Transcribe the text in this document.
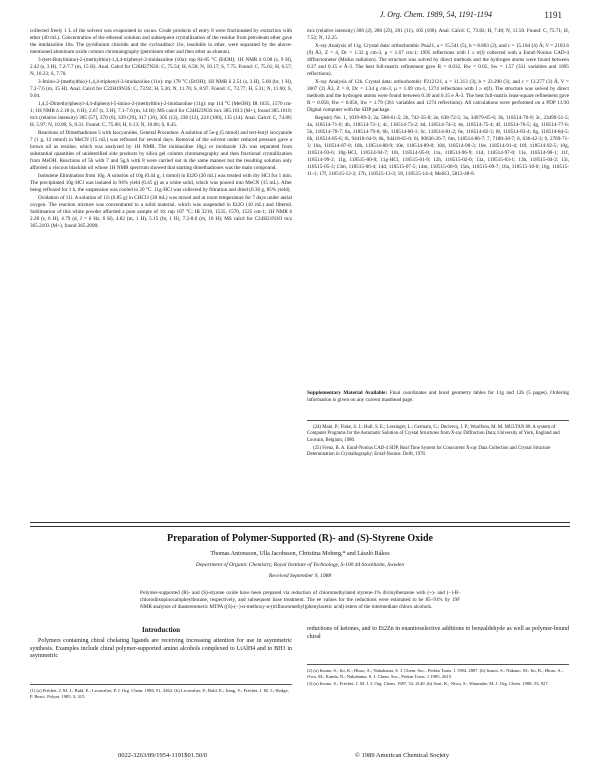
J. Org. Chem. 1989, 54, 1191-1194	1191

collected freely 1 L of the solvent was evaporated in vacuo. Crude products of entry 8 were fractionated by extraction with ether (40 mL). Concentration of the ethereal solution and subsequent crystallization of the residue from petroleum ether gave the imidazoline 10a. The pyridinium chloride and the cycloadduct 11e, insoluble in ether, were separated by the above-mentioned aluminum oxide column chromatography (petroleum ether and then ether as eluents).

3-(tert-Butylimino)-2-(methylthio)-1,4,4-triphenyl-2-imidazoline (10a): mp 84-85 °C (EtOH); 1H NMR δ 0.98 (s, 9 H), 2.42 (s, 3 H), 7.2-7.7 (m, 15 H). Anal. Calcd for C26H27N3S: C, 75.54; H, 6.58; N, 10.17; S, 7.75. Found: C, 75.61; H, 6.57; N, 10.23; S, 7.70.

3-Imino-2-(methylthio)-1,4,4-triphenyl-2-imidazoline (11e): mp 178 °C (EtOH); 1H NMR δ 2.51 (s, 3 H), 5.60 (br, 1 H), 7.2-7.6 (m, 15 H). Anal. Calcd for C22H19N3S: C, 73.92; H, 5.36; N, 11.76; S, 8.97. Found: C, 73.77; H, 5.31; N, 11.66; S, 9.04.

1,4,5-Dimethylphenyl-4,4-diphenyl-5-imino-2-(methylthio)-2-imidazoline (11g): mp 114 °C (MeOH); IR 1635, 1570 cm-1; 1H NMR δ 2.18 (s, 6 H), 2.67 (s, 3 H), 7.1-7.6 (m, 14 H); MS calcd for C24H23N3S m/z 385.1613 (M+), found 385.1610; m/z (relative intensity) 385 (57), 370 (6), 339 (29), 317 (10), 305 (12), 238 (12), 224 (100), 135 (14). Anal. Calcd: C, 74.80; H, 5.97; N, 10.90; S, 8.31. Found: C, 75.00; H, 6.13; N, 10.86; S, 8.45.

Reactions of Dimethadiones 5 with Isocyanides. General Procedure. A solution of 5e-g (5 mmol) and tert-butyl isocyanide 7 (1 g, 12 mmol) in MeCN (15 mL) was refluxed for several days. Removal of the solvent under reduced pressure gave a brown oil as residue, which was analyzed by 1H NMR. The imidazoline 10g,i or imidazole 12h was separated from substantial quantities of unidentified side products by silica gel column chromatography and then fractional crystallization from MeOH. Reactions of 5h with 7 and 5g,h with 8 were carried out in the same manner but the resulting solution only afforded a viscous blackish oil whose 1H NMR spectrum showed that starting dimethadiones was the main compound.

Isobutene Elimination from 10g. A solution of 10g (0.44 g, 1 mmol) in Et2O (20 mL) was treated with dry HCl for 1 min. The precipitated 10g·HCl was isolated in 94% yield (0.45 g) as a white solid, which was poured into MeCN (15 mL). After being refluxed for 1 h, the suspension was cooled to 20 °C. 11g·HCl was collected by filtration and dried (0.36 g, 85% yield).

Oxidation of 11i. A solution of 11i (0.85 g) in CHCl3 (30 mL) was mixed and at room temperature for 7 days under aerial oxygen. The reaction mixture was concentrated to a solid material, which was suspended in Et2O (10 mL) and filtered. Sublimation of this white powder afforded a pure sample of 16: mp 187 °C; IR 3210, 1535, 1570, 1525 cm-1; 1H NMR δ 2.28 (s, 6 H), 4.79 (d, J = 6 Hz, 6 H), 4.82 (m, 1 H), 5.15 (br, 1 H), 7.2-8.0 (m, 10 H); MS calcd for C24H21N3O m/z 365.2103 (M+), found 365.2090;

m/z (relative intensity) 306 (2), 280 (23), 201 (11), 105 (100). Anal. Calcd: C, 73.82; H, 7.40; N, 11.50. Found: C, 75.71; H, 7.52; N, 12.25.

X-ray Analysis of 11g. Crystal data: orthorhombic Pna21, a = 15.541 (5), b = 8.803 (2), and c = 15.184 (4) Å; V = 2103.6 (9) Å3, Z = 4, Dc = 1.32 g cm-3, µ = 1.67 cm-1; 1995 reflections with I ≥ σ(I) collected with a Enraf-Nonius CAD-4 diffractometer (MoKα radiation). The structure was solved by direct methods and the hydrogen atoms were found between 0.37 and 0.15 e Å-3. The best full-matrix refinement gave R = 0.032, Rw = 0.05, Sw = 1.57 (331 variables and 1895 reflections).

X-ray Analysis of 12h. Crystal data: orthorhombic P212121, a = 11.313 (3), b = 23.290 (3), and c = 13.277 (3) Å, V = 3607 (2) Å3, Z = 8, Dc = 1.34 g cm-3, µ = 1.69 cm-1, 1274 reflections with I ≥ σ(I). The structure was solved by direct methods and the hydrogen atoms were found between 0.30 and 0.15 e Å-3. The best full-matrix least-square refinement gave R = 0.058, Rw = 0.056, Sw = 1.79 (361 variables and 1274 reflections). All calculations were performed on a PDP 11/30 Digital computer with the SDP package.

Registry No. 1, 1019-89-3; 2a, 588-61-5; 2b, 742-35-8; 2e, 638-72-5; 3a, 34979-65-6; 3b, 118514-70-9; 3c, 23499-51-5; 4a, 118514-71-0; 4b, 118514-72-1; 4c, 118514-73-2; 4d, 118514-74-3; 4e, 118514-75-4; 4f, 118514-76-5; 4g, 118514-77-6; 5h, 118514-78-7; 6a, 118514-79-8; 6b, 118514-80-1; 6c, 118514-81-2; 6e, 118514-82-3; 6f, 118514-83-4; 6g, 118514-84-5; 6h, 118514-85-6; 6i, 94418-64-9; 6k, 94418-65-0; 6l, 90636-26-7; 6m, 118514-86-7; 7, 7188-38-7; 8, 636-42-3; 9, 2769-71-3; 10a, 118514-87-8; 10h, 118514-88-9; 10e, 118514-89-0; 10d, 118514-90-3; 10e, 118514-91-4; 10f, 118514-92-5; 10g, 118514-93-6; 10g·HCl, 118514-94-7; 10i, 118514-95-8; 11a, 118514-96-9; 11d, 118514-97-0; 11e, 118514-98-1; 11f, 118514-99-2; 11g, 118515-00-8; 11g·HCl, 118515-01-9; 12h, 118515-02-0; 13a, 118515-03-1; 13h, 118515-04-2; 13i, 118515-05-3; 13m, 118515-06-4; 14d, 118515-07-5; 14m, 118515-08-6; 15m, 118515-09-7; 16a, 118515-10-0; 16g, 118515-11-1; 17f, 118515-12-2; 17h, 118515-13-3; 18, 118515-14-4; MeSCl, 5813-48-8.

Supplementary Material Available: Final coordinates and bond geometry tables for 11g and 12h (5 pages). Ordering information is given on any current masthead page.

(24) Main, P.; Fiske, S. J.; Hull, S. E.; Lessinger, L.; Germain, G.; Declercq, J. P.; Woolfson, M. M. MULTAN 80. A system of Computer Programs for the Automatic Solution of Crystal Structures from X-ray Diffraction Data; University of York, England and Louvain, Belgium, 1980.

(25) Frenz, B. A. Enraf-Nonius CAD-4 SDP, Real Time System for Concurrent X-ray Data Collection and Crystal Structure Determination in Crystallography; Enraf-Nonius: Delft, 1978.

Preparation of Polymer-Supported (R)- and (S)-Styrene Oxide
Thomas Antonsson, Ulla Jacobsson, Christina Moberg,* and László Rákos
Department of Organic Chemistry, Royal Institute of Technology, S-100 44 Stockholm, Sweden
Received September 9, 1988
Polymer-supported (R)- and (S)-styrene oxide have been prepared via reduction of chloromethylated styrene-1% divinylbenzene with (+)- and (−)-B-chlorodiisopinocampheylborane, respectively, and subsequent base treatment. The ee values for the reductions were estimated to be 85–91% by 19F NMR analyses of diastereomeric MTPA ((S)-(−)-α-methoxy-α-(trifluoromethyl)phenylacetic acid) esters of the intermediate chloro alcohols.
Introduction

Polymers containing chiral chelating ligands are receiving increasing attention for use in asymmetric synthesis. Examples include chiral polymer-supported amino alcohols complexed to LiAlH4 and to BH3 in asymmetric

reductions of ketones, and to Et2Zn in enantioselective additions to benzaldehyde as well as polymer-bound chiral

(1) (a) Fréchet, J. M. J.; Bald, E.; Lecavalier, P. J. Org. Chem. 1986, 51, 3462. (b) Lecavalier, P.; Bald, E.; Jiang, Y.; Fréchet, J. M. J.; Hodge, P. React. Polym. 1985, 3, 315.

(2) (a) Itsuno, S.; Ito, K.; Hirao, A.; Nakahama, S. J. Chem. Soc., Perkin Trans. 1 1984, 2887. (b) Itsuno, S.; Nakano, M.; Ito, K.; Hirao, A.; Owa, M.; Kanda, N.; Nakahama, S. J. Chem. Soc., Perkin Trans. 1 1985, 2615.

(3) (a) Itsuno, S.; Fréchet, J. M. J. J. Org. Chem. 1987, 52, 4140. (b) Soai, K.; Niwa, S.; Watanabe, M. J. Org. Chem. 1988, 53, 927.

0022-3263/89/1954-1191$01.50/0	© 1989 American Chemical Society
